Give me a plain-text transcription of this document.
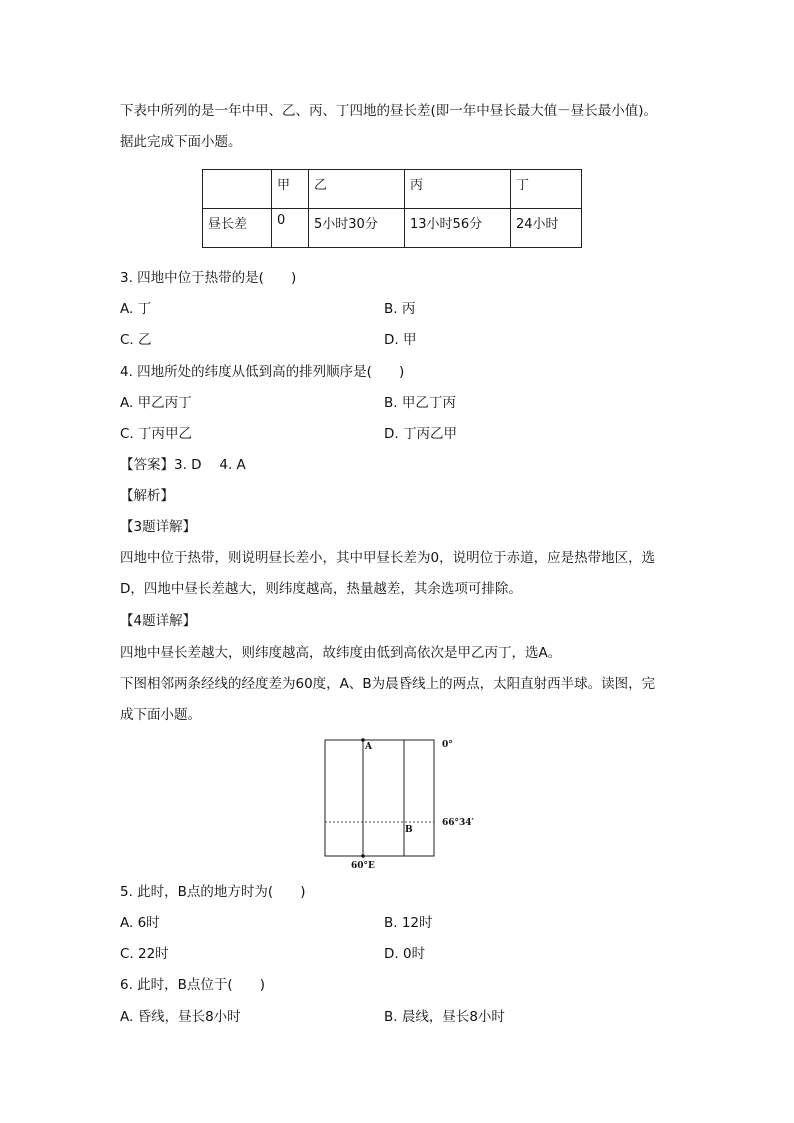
下表中所列的是一年中甲、乙、丙、丁四地的昼长差(即一年中昼长最大值－昼长最小值)。
据此完成下面小题。
	甲	乙	丙	丁
昼长差	0	5小时30分	13小时56分	24小时
3. 四地中位于热带的是(　　)
A. 丁	B. 丙
C. 乙	D. 甲
4. 四地所处的纬度从低到高的排列顺序是(　　)
A. 甲乙丙丁	B. 甲乙丁丙
C. 丁丙甲乙	D. 丁丙乙甲
【答案】3. D　 4. A
【解析】
【3题详解】
四地中位于热带，则说明昼长差小，其中甲昼长差为0，说明位于赤道，应是热带地区，选
D，四地中昼长差越大，则纬度越高，热量越差，其余选项可排除。
【4题详解】
四地中昼长差越大，则纬度越高，故纬度由低到高依次是甲乙丙丁，选A。
下图相邻两条经线的经度差为60度，A、B为晨昏线上的两点，太阳直射西半球。读图，完
成下面小题。
A
B
0°
66°34′
60°E
5. 此时，B点的地方时为(　　)
A. 6时	B. 12时
C. 22时	D. 0时
6. 此时，B点位于(　　)
A. 昏线，昼长8小时	B. 晨线，昼长8小时
